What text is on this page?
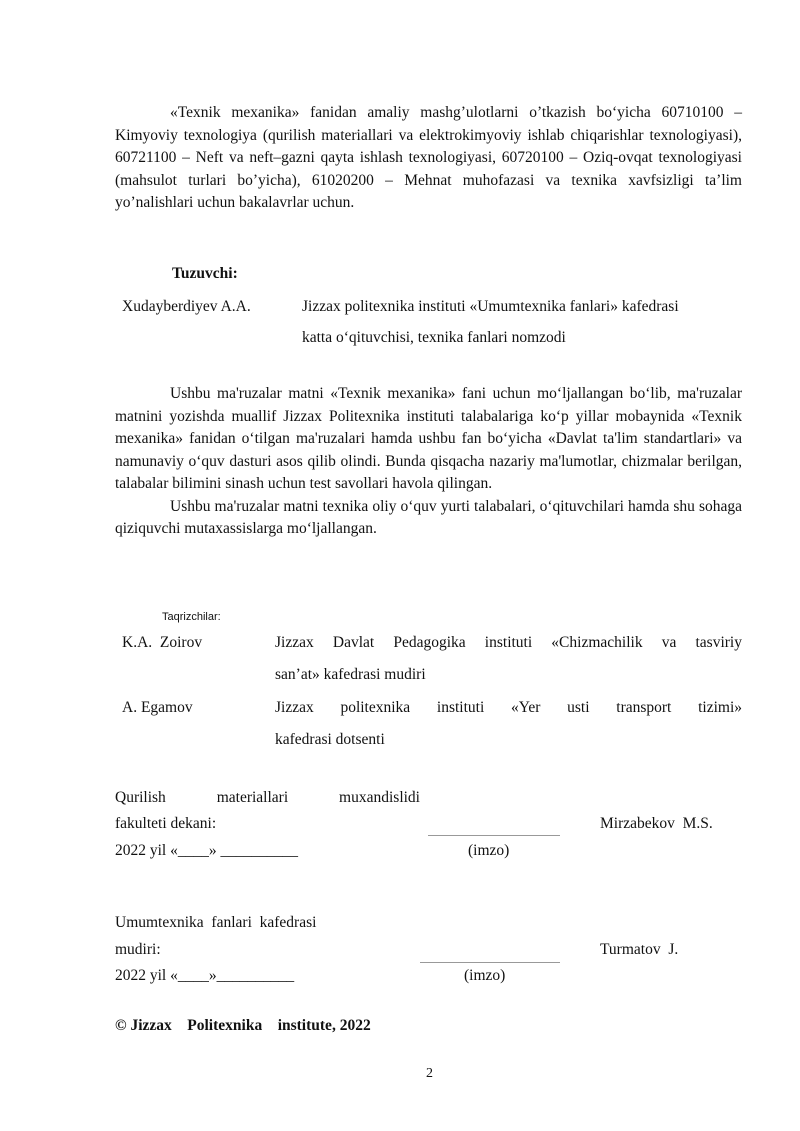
«Texnik mexanika» fanidan amaliy mashg’ulotlarni o’tkazish bo‘yicha 60710100 – Kimyoviy texnologiya (qurilish materiallari va elektrokimyoviy ishlab chiqarishlar texnologiyasi), 60721100 – Neft va neft–gazni qayta ishlash texnologiyasi, 60720100 – Oziq-ovqat texnologiyasi (mahsulot turlari bo’yicha), 61020200 – Mehnat muhofazasi va texnika xavfsizligi ta’lim yo’nalishlari uchun bakalavrlar uchun.

Tuzuvchi:
Xudayberdiyev A.A.	Jizzax politexnika instituti «Umumtexnika fanlari» kafedrasi
katta o‘qituvchisi, texnika fanlari nomzodi

Ushbu ma'ruzalar matni «Texnik mexanika» fani uchun mo‘ljallangan bo‘lib, ma'ruzalar matnini yozishda muallif Jizzax Politexnika instituti talabalariga ko‘p yillar mobaynida «Texnik mexanika» fanidan o‘tilgan ma'ruzalari hamda ushbu fan bo‘yicha «Davlat ta'lim standartlari» va namunaviy o‘quv dasturi asos qilib olindi. Bunda qisqacha nazariy ma'lumotlar, chizmalar berilgan, talabalar bilimini sinash uchun test savollari havola qilingan.

Ushbu ma'ruzalar matni texnika oliy o‘quv yurti talabalari, o‘qituvchilari hamda shu sohaga qiziquvchi mutaxassislarga mo‘ljallangan.

Taqrizchilar:
K.A.  Zoirov	Jizzax Davlat Pedagogika instituti «Chizmachilik va tasviriy
san’at» kafedrasi mudiri
A. Egamov	Jizzax politexnika instituti «Yer usti transport tizimi»
kafedrasi dotsenti
Qurilish materiallari muxandislidi
fakulteti dekani:
2022 yil «____» __________	(imzo)
Mirzabekov  M.S.
Umumtexnika  fanlari  kafedrasi
mudiri:
2022 yil «____»__________	(imzo)
Turmatov  J.
© Jizzax    Politexnika    institute, 2022
2
